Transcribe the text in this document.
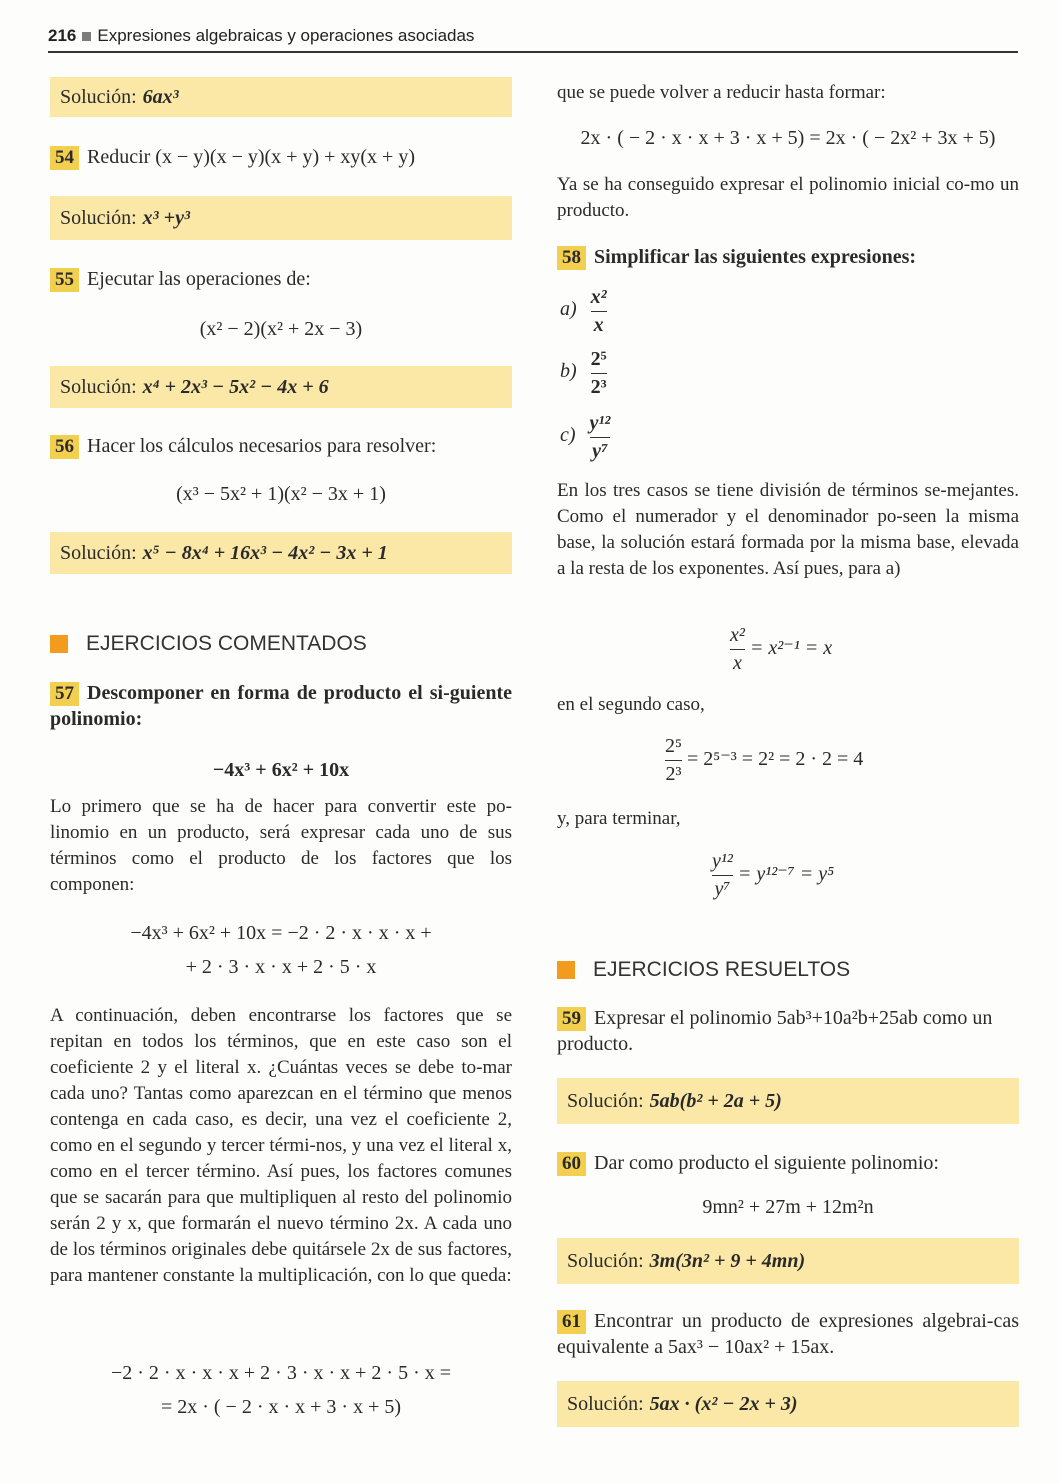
216 Expresiones algebraicas y operaciones asociadas
Solución: 6ax³
54 Reducir (x − y)(x − y)(x + y) + xy(x + y)
Solución: x³ +y³
55 Ejecutar las operaciones de:
(x² − 2)(x² + 2x − 3)
Solución: x⁴ + 2x³ − 5x² − 4x + 6
56 Hacer los cálculos necesarios para resolver:
(x³ − 5x² + 1)(x² − 3x + 1)
Solución: x⁵ − 8x⁴ + 16x³ − 4x² − 3x + 1
EJERCICIOS COMENTADOS
57 Descomponer en forma de producto el si-guiente polinomio:
−4x³ + 6x² + 10x
Lo primero que se ha de hacer para convertir este po-linomio en un producto, será expresar cada uno de sus términos como el producto de los factores que los componen:
−4x³ + 6x² + 10x = −2 · 2 · x · x · x +
+ 2 · 3 · x · x + 2 · 5 · x
A continuación, deben encontrarse los factores que se repitan en todos los términos, que en este caso son el coeficiente 2 y el literal x. ¿Cuántas veces se debe to-mar cada uno? Tantas como aparezcan en el término que menos contenga en cada caso, es decir, una vez el coeficiente 2, como en el segundo y tercer térmi-nos, y una vez el literal x, como en el tercer término. Así pues, los factores comunes que se sacarán para que multipliquen al resto del polinomio serán 2 y x, que formarán el nuevo término 2x. A cada uno de los términos originales debe quitársele 2x de sus factores, para mantener constante la multiplicación, con lo que queda:
−2 · 2 · x · x · x + 2 · 3 · x · x + 2 · 5 · x =
= 2x · ( − 2 · x · x + 3 · x + 5)
que se puede volver a reducir hasta formar:
2x · ( − 2 · x · x + 3 · x + 5) = 2x · ( − 2x² + 3x + 5)
Ya se ha conseguido expresar el polinomio inicial co-mo un producto.
58 Simplificar las siguientes expresiones:
$a) \frac{\text{x²}}{x}$
$b) \frac{\text{2⁵}}{\text{2³}}$
$c) \frac{\text{y¹²}}{\text{y⁷}}$
En los tres casos se tiene división de términos se-mejantes. Como el numerador y el denominador po-seen la misma base, la solución estará formada por la misma base, elevada a la resta de los exponentes. Así pues, para a)
$\frac{\text{x²}}{x} = x^{2-1} = x$
en el segundo caso,
$\frac{\text{2⁵}}{\text{2³}} = 2^{5-3} = 2^2 = 2 \cdot 2 = 4$
y, para terminar,
$\frac{\text{y¹²}}{\text{y⁷}} = y^{12-7} = y^5$
EJERCICIOS RESUELTOS
59 Expresar el polinomio 5ab³+10a²b+25ab como un producto.
Solución: 5ab(b² + 2a + 5)
60 Dar como producto el siguiente polinomio:
9mn² + 27m + 12m²n
Solución: 3m(3n² + 9 + 4mn)
61 Encontrar un producto de expresiones algebrai-cas equivalente a 5ax³ − 10ax² + 15ax.
Solución: 5ax · (x² − 2x + 3)
